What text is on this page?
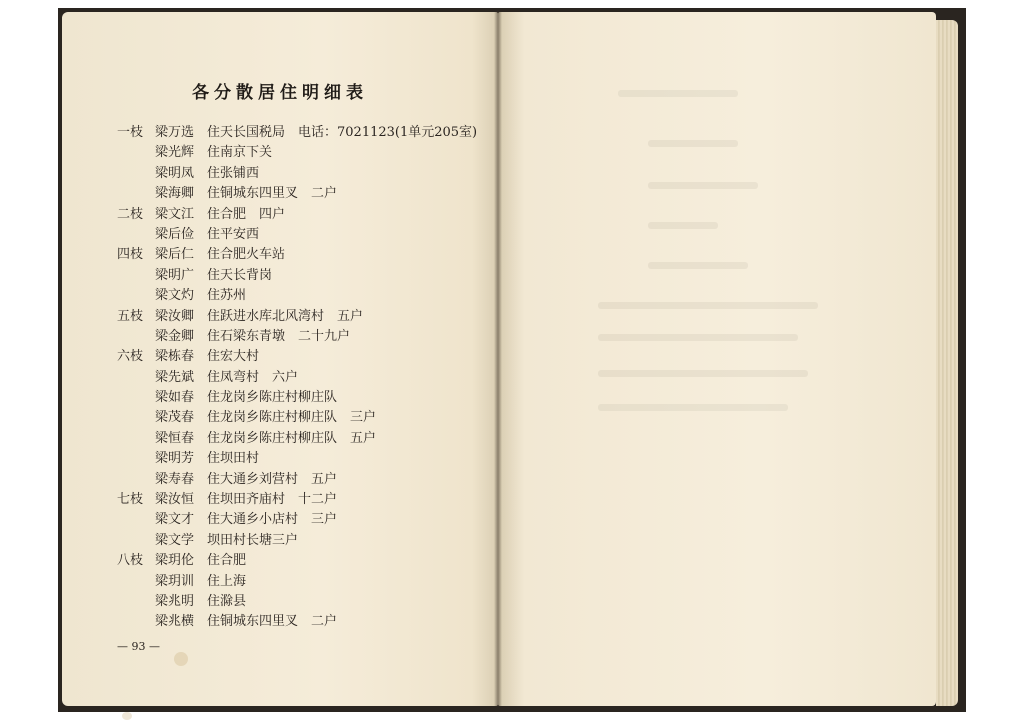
各分散居住明细表
一枝 梁万选 住天长国税局　电话：7021123(1单元205室)
梁光辉 住南京下关
梁明凤 住张铺西
梁海卿 住铜城东四里叉　二户
二枝 梁文江 住合肥　四户
梁后俭 住平安西
四枝 梁后仁 住合肥火车站
梁明广 住天长背岗
梁文灼 住苏州
五枝 梁汝卿 住跃进水库北风湾村　五户
梁金卿 住石梁东青墩　二十九户
六枝 梁栋春 住宏大村
梁先斌 住凤弯村　六户
梁如春 住龙岗乡陈庄村柳庄队
梁茂春 住龙岗乡陈庄村柳庄队　三户
梁恒春 住龙岗乡陈庄村柳庄队　五户
梁明芳 住坝田村
梁寿春 住大通乡刘营村　五户
七枝 梁汝恒 住坝田齐庙村　十二户
梁文才 住大通乡小店村　三户
梁文学 坝田村长塘三户
八枝 梁玥伦 住合肥
梁玥训 住上海
梁兆明 住滁县
梁兆横 住铜城东四里叉　二户
— 93 —
